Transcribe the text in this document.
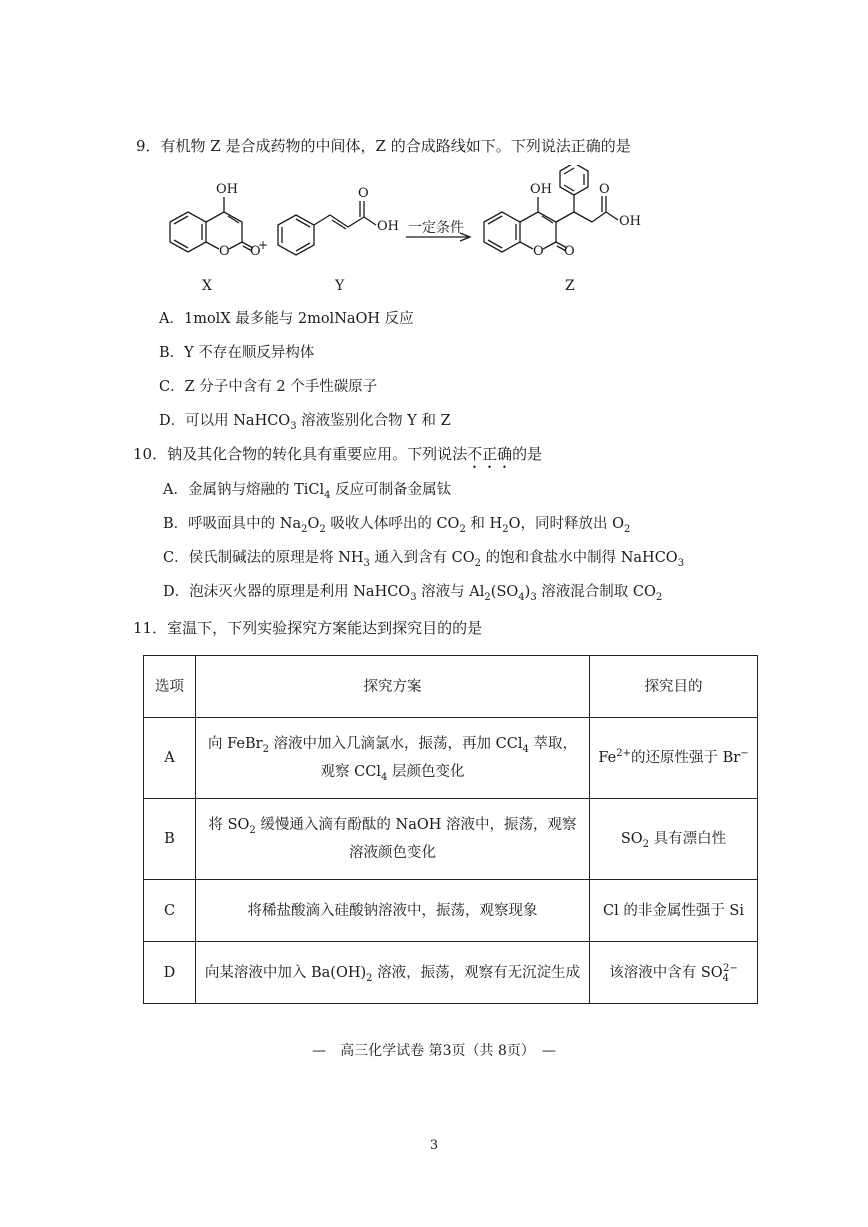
9．有机物 Z 是合成药物的中间体，Z 的合成路线如下。下列说法正确的是
OH
O O
X
+
O
OH
Y
一定条件
OH
O O
O
OH
Z
A．1molX 最多能与 2molNaOH 反应
B．Y 不存在顺反异构体
C．Z 分子中含有 2 个手性碳原子
D．可以用 NaHCO$_3$ 溶液鉴别化合物 Y 和 Z
10．钠及其化合物的转化具有重要应用。下列说法不正确的是
A．金属钠与熔融的 TiCl$_4$ 反应可制备金属钛
B．呼吸面具中的 $Na_2O_2$ 吸收人体呼出的 $CO_2$ 和 $H_2O$，同时释放出 $O_2$
C．侯氏制碱法的原理是将 $NH_3$ 通入到含有 $CO_2$ 的饱和食盐水中制得 NaHCO$_3$
D．泡沫灭火器的原理是利用 NaHCO$_3$ 溶液与 $Al_2(SO_4)_3$ 溶液混合制取 $CO_2$
11．室温下，下列实验探究方案能达到探究目的的是
选项	探究方案	探究目的
A	向 FeBr$_2$ 溶液中加入几滴氯水，振荡，再加 CCl$_4$ 萃取，
观察 CCl$_4$ 层颜色变化	$Fe^{2+}$的还原性强于 Br−
B	将 $SO_2$ 缓慢通入滴有酚酞的 NaOH 溶液中，振荡，观察
溶液颜色变化	$SO_2$ 具有漂白性
C	将稀盐酸滴入硅酸钠溶液中，振荡，观察现象	Cl 的非金属性强于 Si
D	向某溶液中加入 $Ba(OH)_2$ 溶液，振荡，观察有无沉淀生成	该溶液中含有 $SO_4^{2-}$
—　高三化学试卷 第3页（共 8页）　—
3
